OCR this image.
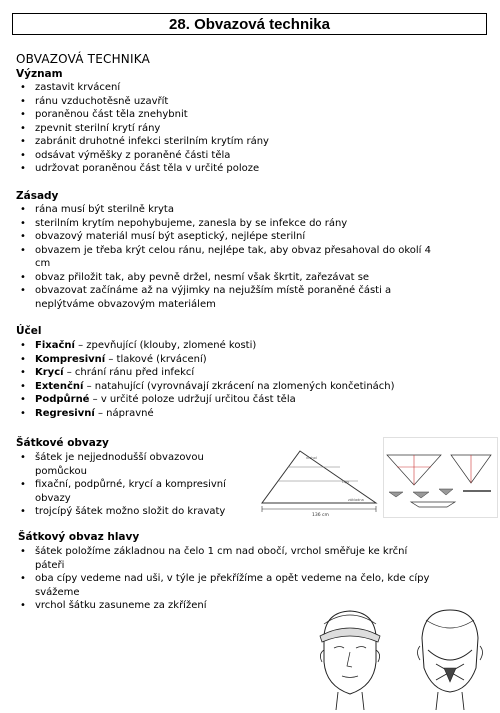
28. Obvazová technika
OBVAZOVÁ TECHNIKA
Význam
• zastavit krvácení
• ránu vzduchotěsně uzavřít
• poraněnou část těla znehybnit
• zpevnit sterilní krytí rány
• zabránit druhotné infekci sterilním krytím rány
• odsávat výměšky z poraněné části těla
• udržovat poraněnou část těla v určité poloze
Zásady
• rána musí být sterilně kryta
• sterilním krytím nepohybujeme, zanesla by se infekce do rány
• obvazový materiál musí být aseptický, nejlépe sterilní
• obvazem je třeba krýt celou ránu, nejlépe tak, aby obvaz přesahoval do okolí 4 cm
• obvaz přiložit tak, aby pevně držel, nesmí však škrtit, zařezávat se
• obvazovat začínáme až na výjimky na nejužším místě poraněné části a neplýtváme obvazovým materiálem
Účel
• Fixační – zpevňující (klouby, zlomené kosti)
• Kompresivní – tlakové (krvácení)
• Krycí – chrání ránu před infekcí
• Extenční – natahující (vyrovnávají zkrácení na zlomených končetinách)
• Podpůrné – v určité poloze udržují určitou část těla
• Regresivní – nápravné
Šátkové obvazy
• šátek je nejjednodušší obvazovou pomůckou
• fixační, podpůrné, krycí a kompresivní obvazy
• trojcípý šátek možno složit do kravaty	136 cm
vrchol
cípy
základna
Šátkový obvaz hlavy
• šátek položíme základnou na čelo 1 cm nad obočí, vrchol směřuje ke krční páteři
• oba cípy vedeme nad uši, v týle je překřížíme a opět vedeme na čelo, kde cípy svážeme
• vrchol šátku zasuneme za zkřížení
